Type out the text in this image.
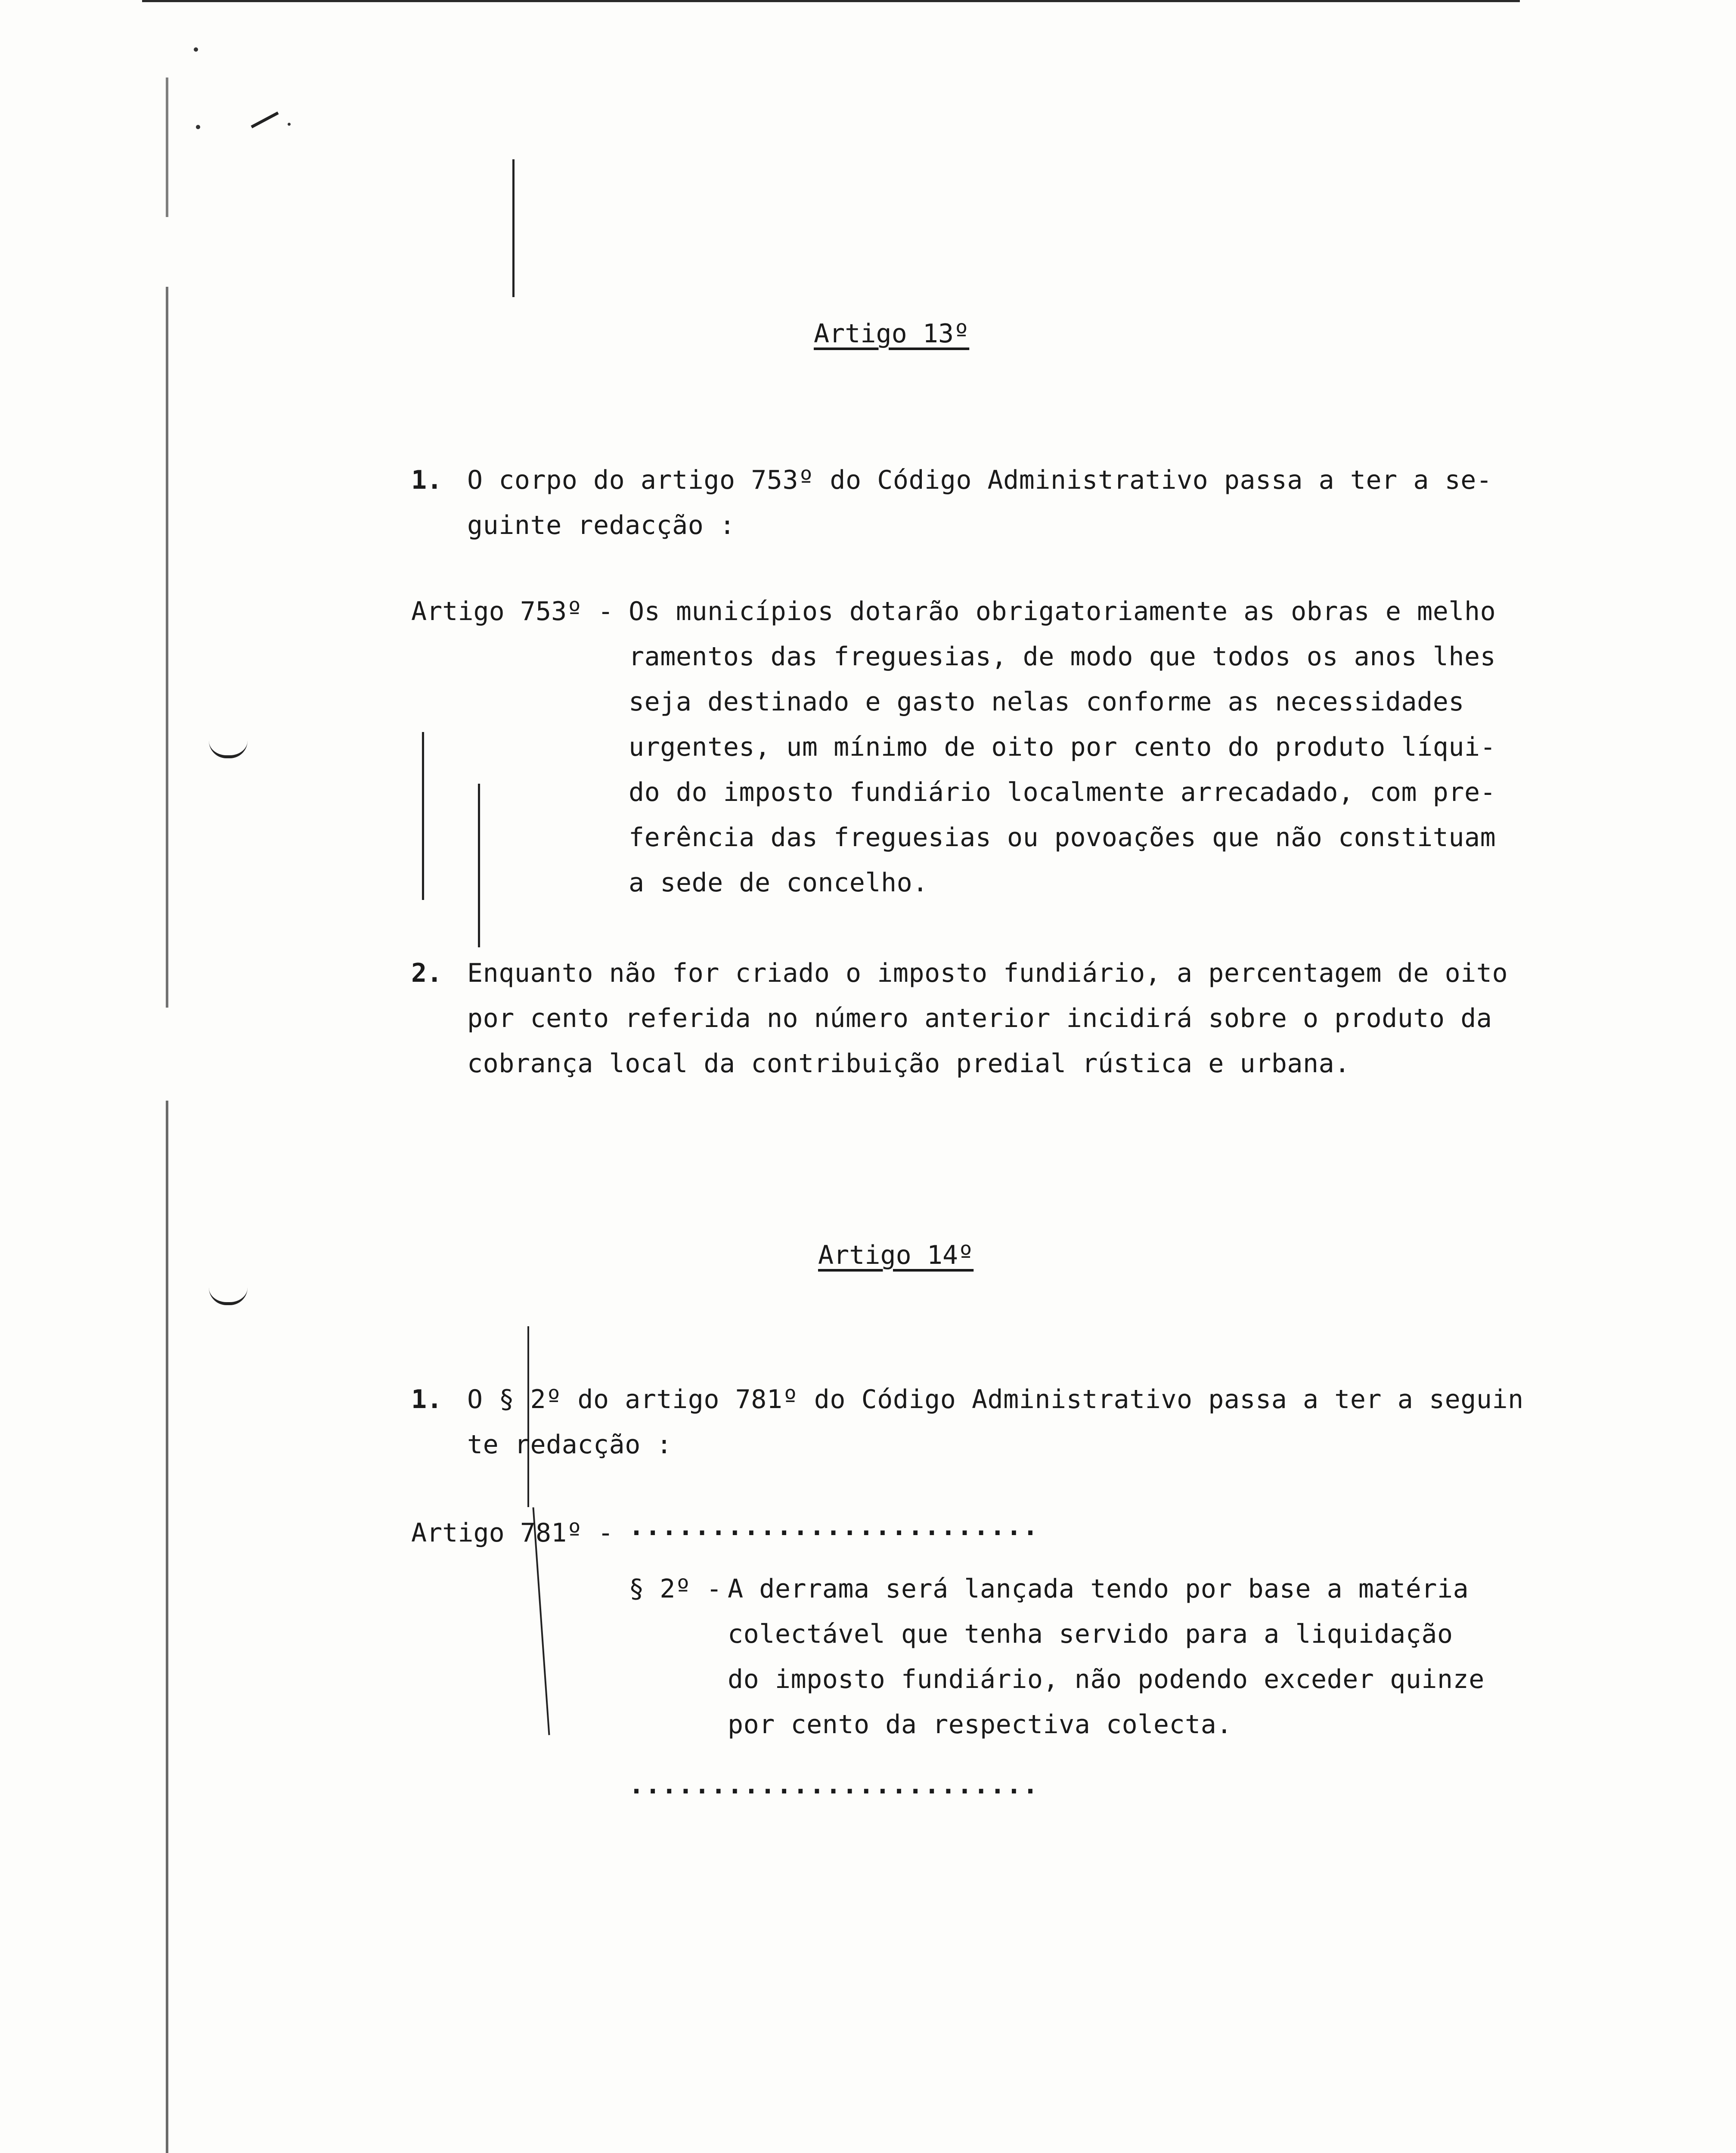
Artigo 13º
1. O corpo do artigo 753º do Código Administrativo passa a ter a se-
guinte redacção :
Artigo 753º - Os municípios dotarão obrigatoriamente as obras e melho
ramentos das freguesias, de modo que todos os anos lhes
seja destinado e gasto nelas conforme as necessidades
urgentes, um mínimo de oito por cento do produto líqui-
do do imposto fundiário localmente arrecadado, com pre-
ferência das freguesias ou povoações que não constituam
a sede de concelho.
2. Enquanto não for criado o imposto fundiário, a percentagem de oito
por cento referida no número anterior incidirá sobre o produto da
cobrança local da contribuição predial rústica e urbana.
Artigo 14º
1. O § 2º do artigo 781º do Código Administrativo passa a ter a seguin
te redacção :
Artigo 781º - .........................
§ 2º - A derrama será lançada tendo por base a matéria
colectável que tenha servido para a liquidação
do imposto fundiário, não podendo exceder quinze
por cento da respectiva colecta.
.........................
